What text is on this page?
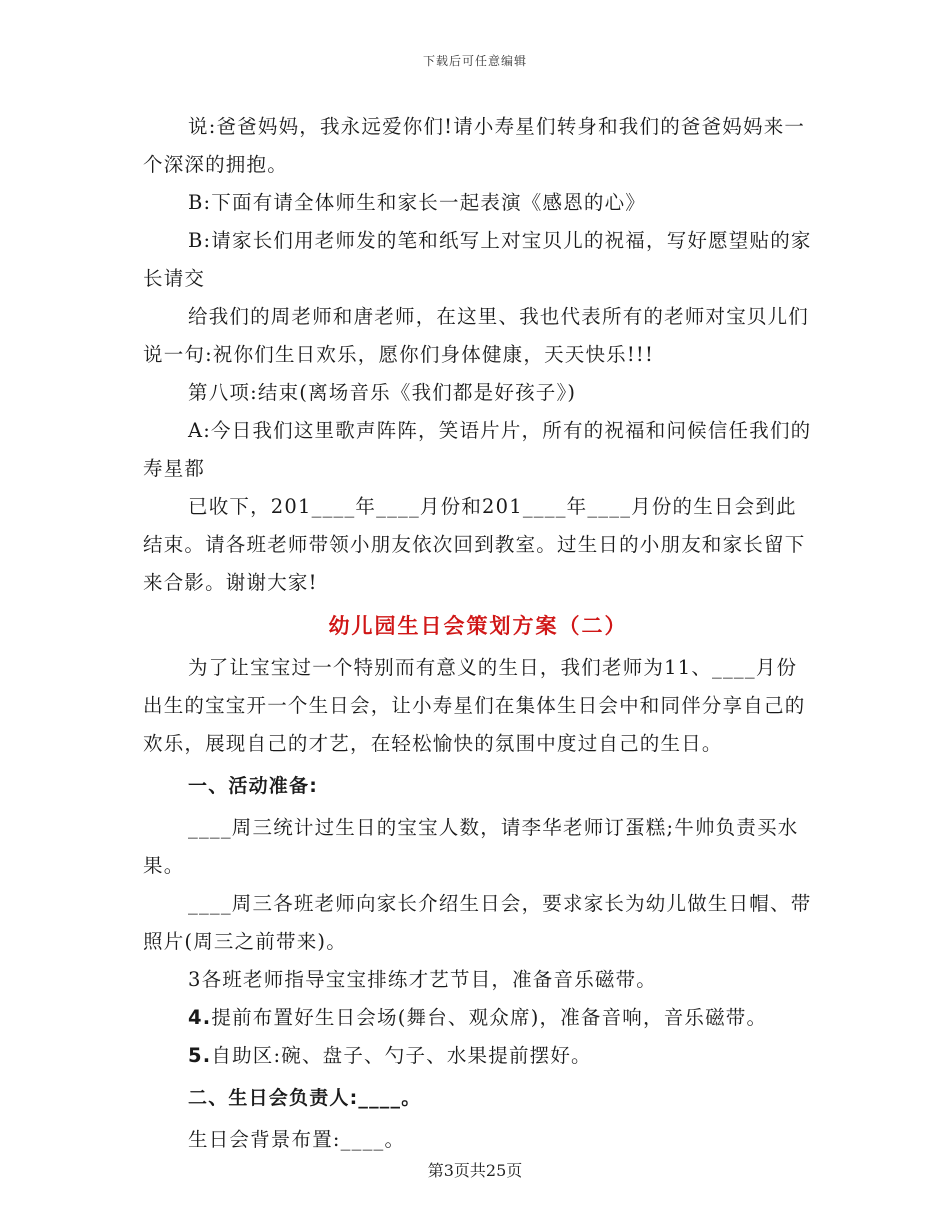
下载后可任意编辑

说:爸爸妈妈，我永远爱你们!请小寿星们转身和我们的爸爸妈妈来一个深深的拥抱。

B:下面有请全体师生和家长一起表演《感恩的心》

B:请家长们用老师发的笔和纸写上对宝贝儿的祝福，写好愿望贴的家长请交

给我们的周老师和唐老师，在这里、我也代表所有的老师对宝贝儿们说一句:祝你们生日欢乐，愿你们身体健康，天天快乐!!!

第八项:结束(离场音乐《我们都是好孩子》)

A:今日我们这里歌声阵阵，笑语片片，所有的祝福和问候信任我们的寿星都

已收下，201____年____月份和201____年____月份的生日会到此结束。请各班老师带领小朋友依次回到教室。过生日的小朋友和家长留下来合影。谢谢大家!

幼儿园生日会策划方案（二）

为了让宝宝过一个特别而有意义的生日，我们老师为11、____月份出生的宝宝开一个生日会，让小寿星们在集体生日会中和同伴分享自己的欢乐，展现自己的才艺，在轻松愉快的氛围中度过自己的生日。

一、活动准备:

____周三统计过生日的宝宝人数，请李华老师订蛋糕;牛帅负责买水果。

____周三各班老师向家长介绍生日会，要求家长为幼儿做生日帽、带照片(周三之前带来)。

3各班老师指导宝宝排练才艺节目，准备音乐磁带。

4.提前布置好生日会场(舞台、观众席)，准备音响，音乐磁带。

5.自助区:碗、盘子、勺子、水果提前摆好。

二、生日会负责人:____。

生日会背景布置:____。

第3页共25页
